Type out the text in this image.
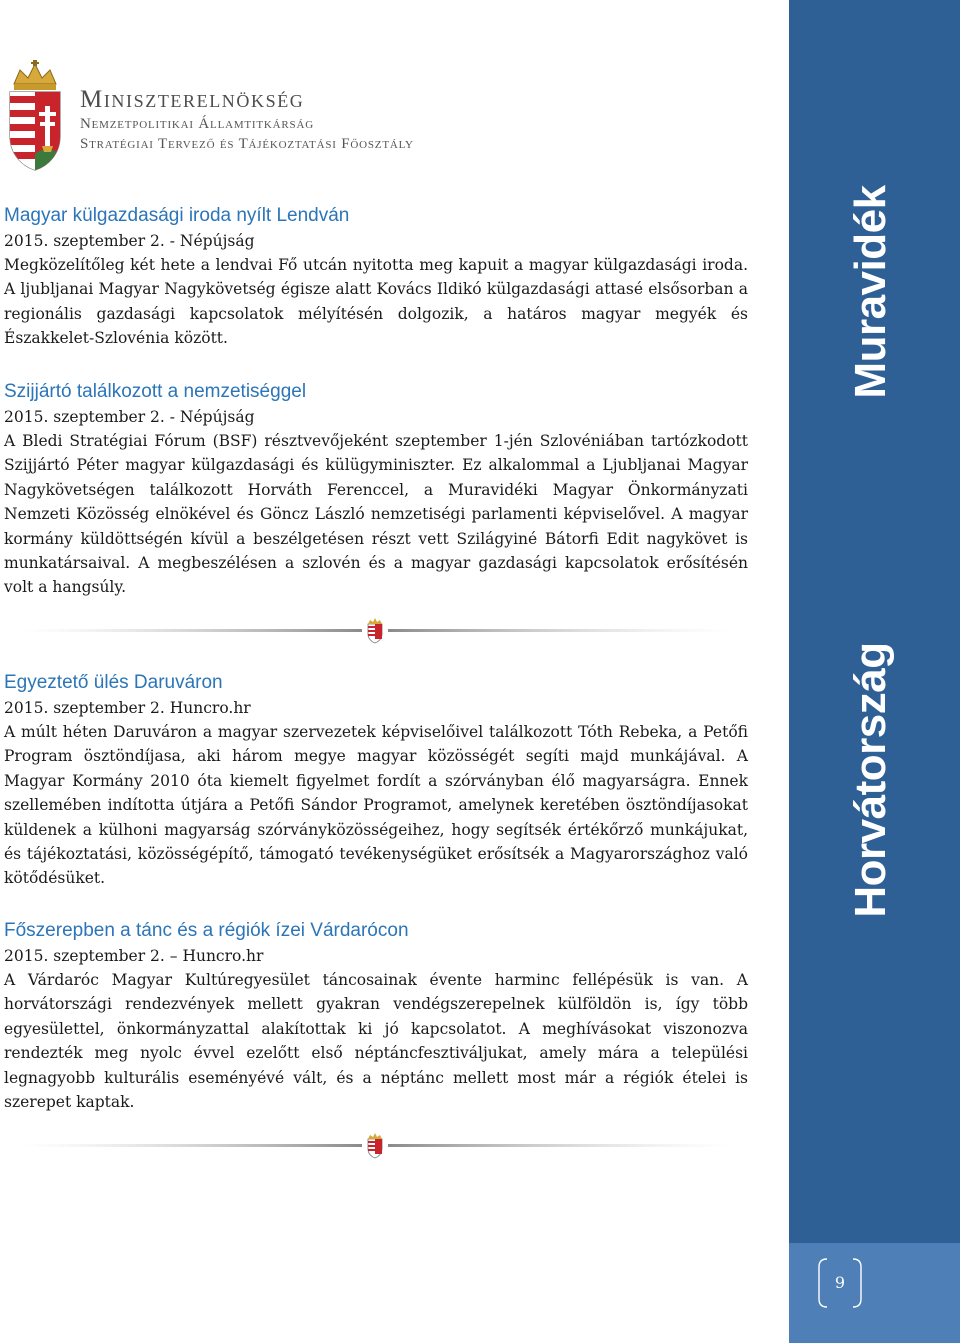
Miniszterelnökség
Nemzetpolitikai Államtitkárság
Stratégiai Tervező és Tájékoztatási Főosztály
Magyar külgazdasági iroda nyílt Lendván
2015. szeptember 2. - Népújság
Megközelítőleg két hete a lendvai Fő utcán nyitotta meg kapuit a magyar külgazdasági iroda. A ljubljanai Magyar Nagykövetség égisze alatt Kovács Ildikó külgazdasági attasé elsősorban a regionális gazdasági kapcsolatok mélyítésén dolgozik, a határos magyar megyék és Északkelet-Szlovénia között.
Szijjártó találkozott a nemzetiséggel
2015. szeptember 2. - Népújság
A Bledi Stratégiai Fórum (BSF) résztvevőjeként szeptember 1-jén Szlovéniában tartózkodott Szijjártó Péter magyar külgazdasági és külügyminiszter. Ez alkalommal a Ljubljanai Magyar Nagykövetségen találkozott Horváth Ferenccel, a Muravidéki Magyar Önkormányzati Nemzeti Közösség elnökével és Göncz László nemzetiségi parlamenti képviselővel. A magyar kormány küldöttségén kívül a beszélgetésen részt vett Szilágyiné Bátorfi Edit nagykövet is munkatársaival. A megbeszélésen a szlovén és a magyar gazdasági kapcsolatok erősítésén volt a hangsúly.
Egyeztető ülés Daruváron
2015. szeptember 2. Huncro.hr
A múlt héten Daruváron a magyar szervezetek képviselőivel találkozott Tóth Rebeka, a Petőfi Program ösztöndíjasa, aki három megye magyar közösségét segíti majd munkájával. A Magyar Kormány 2010 óta kiemelt figyelmet fordít a szórványban élő magyarságra. Ennek szellemében indította útjára a Petőfi Sándor Programot, amelynek keretében ösztöndíjasokat küldenek a külhoni magyarság szórványközösségeihez, hogy segítsék értékőrző munkájukat, és tájékoztatási, közösségépítő, támogató tevékenységüket erősítsék a Magyarországhoz való kötődésüket.
Főszerepben a tánc és a régiók ízei Várdarócon
2015. szeptember 2. – Huncro.hr
A Várdaróc Magyar Kultúregyesület táncosainak évente harminc fellépésük is van. A horvátországi rendezvények mellett gyakran vendégszerepelnek külföldön is, így több egyesülettel, önkormányzattal alakítottak ki jó kapcsolatot. A meghívásokat viszonozva rendezték meg nyolc évvel ezelőtt első néptáncfesztiváljukat, amely mára a települési legnagyobb kulturális eseményévé vált, és a néptánc mellett most már a régiók ételei is szerepet kaptak.
Muravidék
Horvátország
9
